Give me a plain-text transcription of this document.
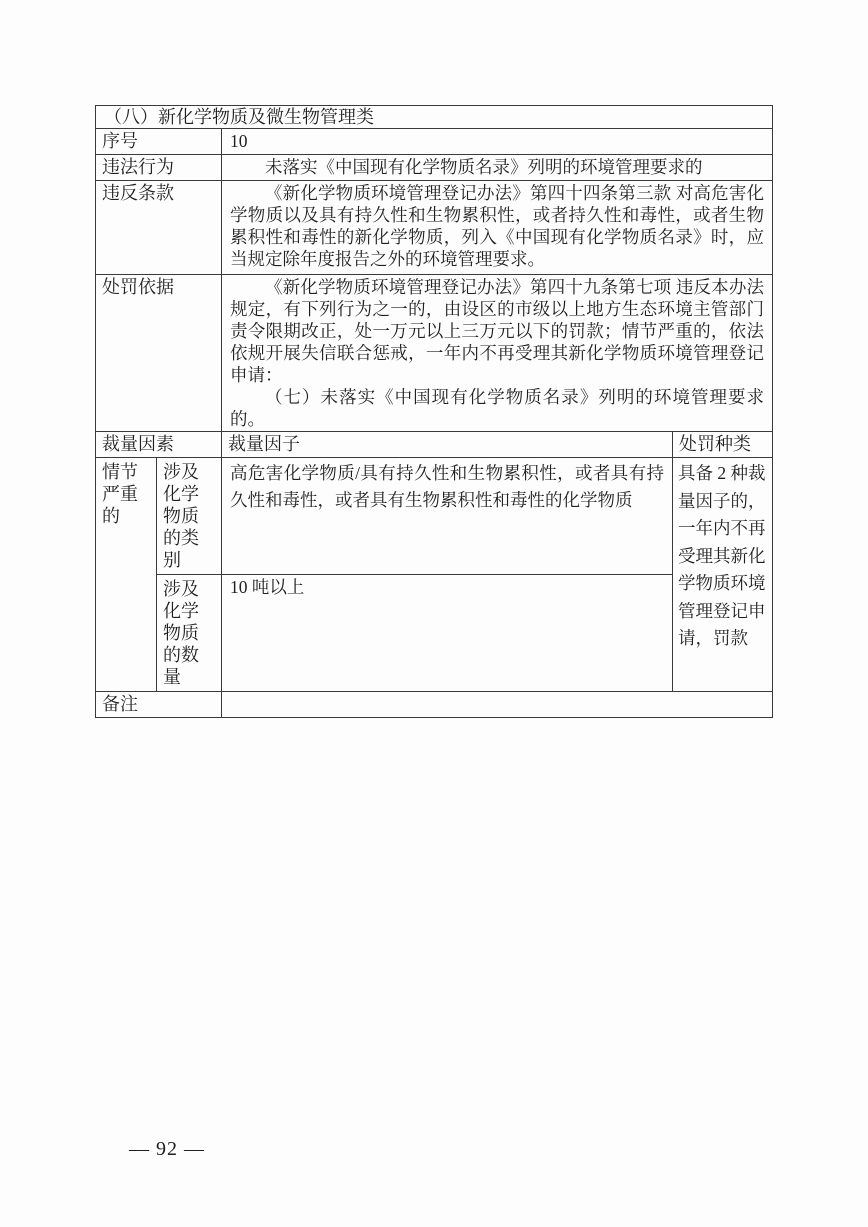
（八）新化学物质及微生物管理类			
序号		10	
违法行为		未落实《中国现有化学物质名录》列明的环境管理要求的	
违反条款		《新化学物质环境管理登记办法》第四十四条第三款 对高危害化学物质以及具有持久性和生物累积性，或者持久性和毒性，或者生物累积性和毒性的新化学物质，列入《中国现有化学物质名录》时，应当规定除年度报告之外的环境管理要求。	

处罚依据		《新化学物质环境管理登记办法》第四十九条第七项 违反本办法规定，有下列行为之一的，由设区的市级以上地方生态环境主管部门责令限期改正，处一万元以上三万元以下的罚款；情节严重的，依法依规开展失信联合惩戒，一年内不再受理其新化学物质环境管理登记申请：

（七）未落实《中国现有化学物质名录》列明的环境管理要求的。	

裁量因素		裁量因子	处罚种类
情节严重的	涉及化学物质的类别	高危害化学物质/具有持久性和生物累积性，或者具有持久性和毒性，或者具有生物累积性和毒性的化学物质	具备 2 种裁量因子的，一年内不再受理其新化学物质环境管理登记申请，罚款
	涉及化学物质的数量	10 吨以上	
备注			
— 92 —
